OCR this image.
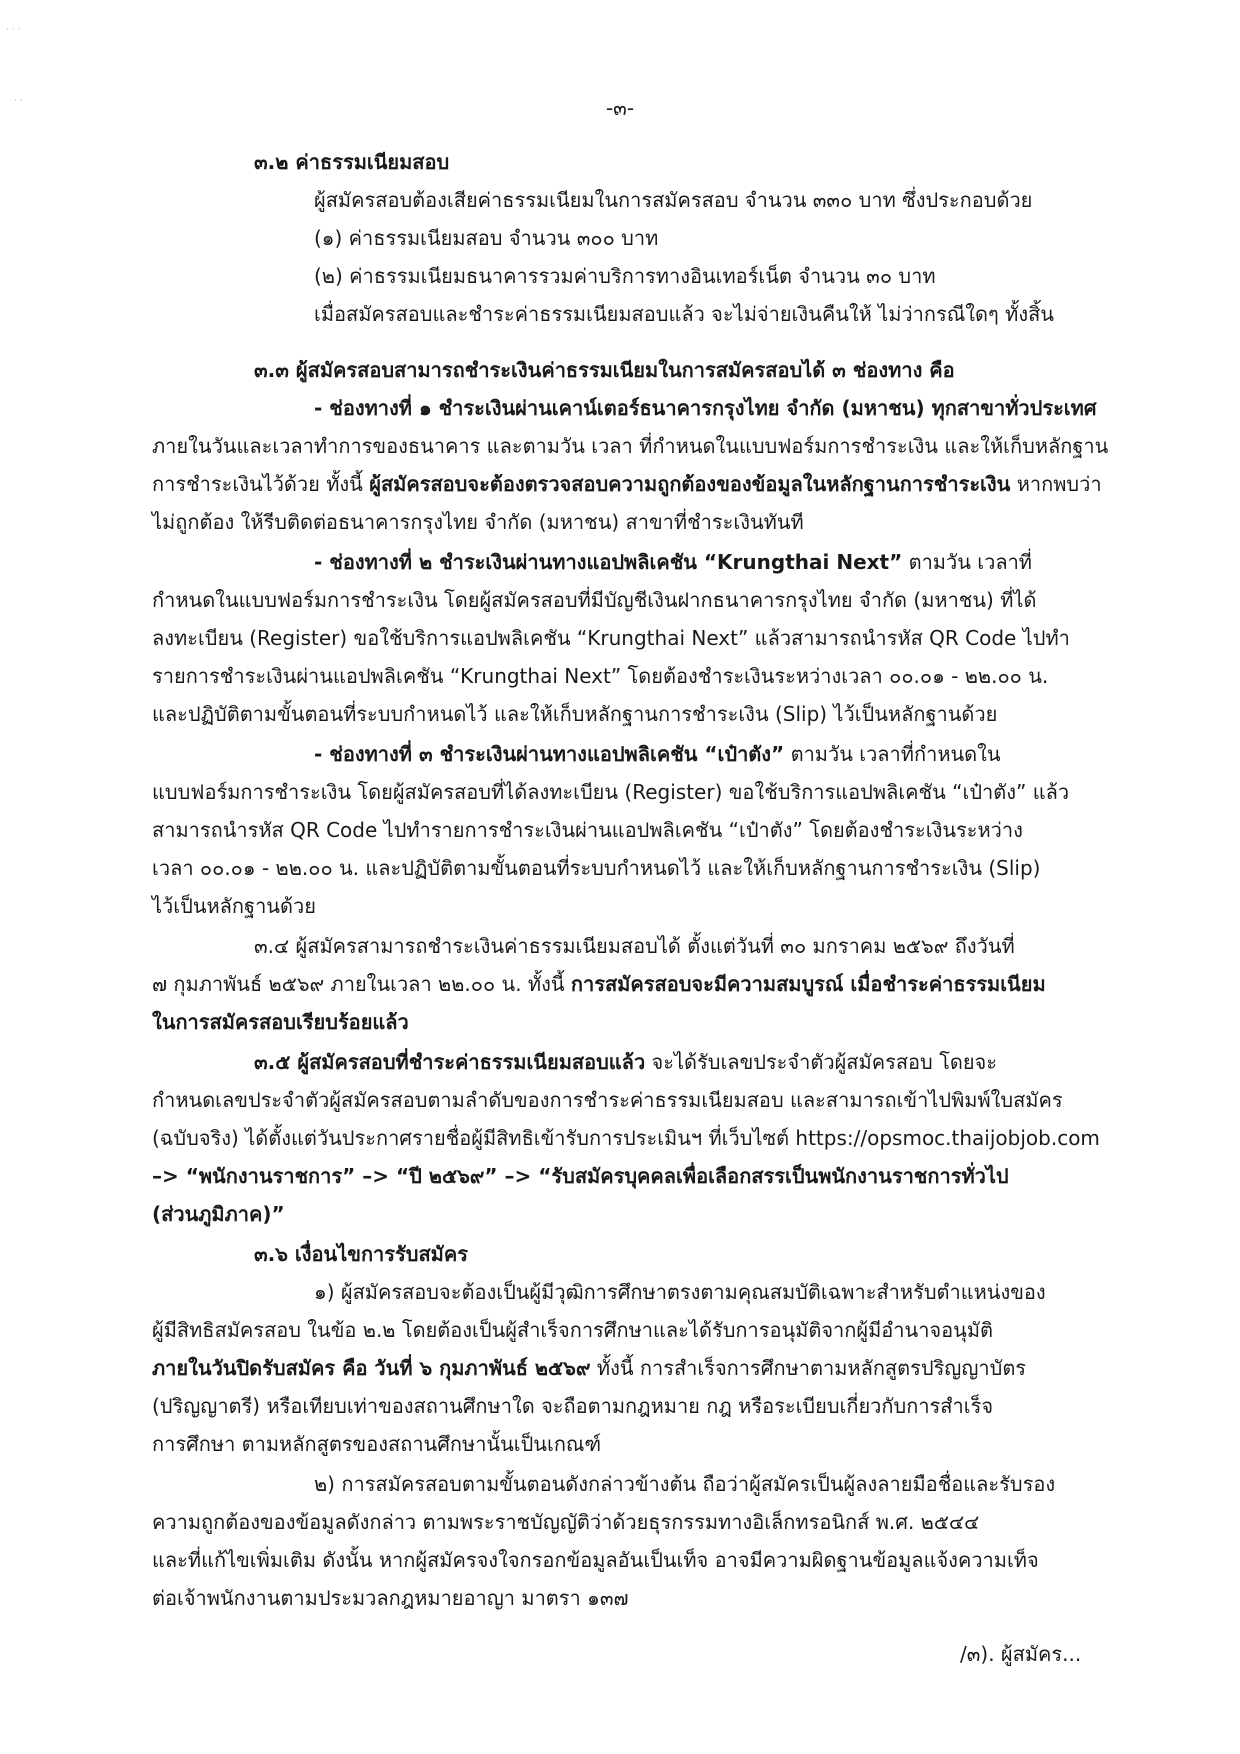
· · ·
· ·	-๓-
๓.๒ ค่าธรรมเนียมสอบ
ผู้สมัครสอบต้องเสียค่าธรรมเนียมในการสมัครสอบ จำนวน ๓๓๐ บาท ซึ่งประกอบด้วย
(๑) ค่าธรรมเนียมสอบ จำนวน ๓๐๐ บาท
(๒) ค่าธรรมเนียมธนาคารรวมค่าบริการทางอินเทอร์เน็ต จำนวน ๓๐ บาท
เมื่อสมัครสอบและชำระค่าธรรมเนียมสอบแล้ว จะไม่จ่ายเงินคืนให้ ไม่ว่ากรณีใดๆ ทั้งสิ้น
๓.๓ ผู้สมัครสอบสามารถชำระเงินค่าธรรมเนียมในการสมัครสอบได้ ๓ ช่องทาง คือ
- ช่องทางที่ ๑ ชำระเงินผ่านเคาน์เตอร์ธนาคารกรุงไทย จำกัด (มหาชน) ทุกสาขาทั่วประเทศ
ภายในวันและเวลาทำการของธนาคาร และตามวัน เวลา ที่กำหนดในแบบฟอร์มการชำระเงิน และให้เก็บหลักฐาน
การชำระเงินไว้ด้วย ทั้งนี้ ผู้สมัครสอบจะต้องตรวจสอบความถูกต้องของข้อมูลในหลักฐานการชำระเงิน หากพบว่า
ไม่ถูกต้อง ให้รีบติดต่อธนาคารกรุงไทย จำกัด (มหาชน) สาขาที่ชำระเงินทันที
- ช่องทางที่ ๒ ชำระเงินผ่านทางแอปพลิเคชัน “Krungthai Next” ตามวัน เวลาที่
กำหนดในแบบฟอร์มการชำระเงิน โดยผู้สมัครสอบที่มีบัญชีเงินฝากธนาคารกรุงไทย จำกัด (มหาชน) ที่ได้
ลงทะเบียน (Register) ขอใช้บริการแอปพลิเคชัน “Krungthai Next” แล้วสามารถนำรหัส QR Code ไปทำ
รายการชำระเงินผ่านแอปพลิเคชัน “Krungthai Next” โดยต้องชำระเงินระหว่างเวลา ๐๐.๐๑ - ๒๒.๐๐ น.
และปฏิบัติตามขั้นตอนที่ระบบกำหนดไว้ และให้เก็บหลักฐานการชำระเงิน (Slip) ไว้เป็นหลักฐานด้วย
- ช่องทางที่ ๓ ชำระเงินผ่านทางแอปพลิเคชัน “เป๋าตัง” ตามวัน เวลาที่กำหนดใน
แบบฟอร์มการชำระเงิน โดยผู้สมัครสอบที่ได้ลงทะเบียน (Register) ขอใช้บริการแอปพลิเคชัน “เป๋าตัง” แล้ว
สามารถนำรหัส QR Code ไปทำรายการชำระเงินผ่านแอปพลิเคชัน “เป๋าตัง” โดยต้องชำระเงินระหว่าง
เวลา ๐๐.๐๑ - ๒๒.๐๐ น. และปฏิบัติตามขั้นตอนที่ระบบกำหนดไว้ และให้เก็บหลักฐานการชำระเงิน (Slip)
ไว้เป็นหลักฐานด้วย
๓.๔ ผู้สมัครสามารถชำระเงินค่าธรรมเนียมสอบได้ ตั้งแต่วันที่ ๓๐ มกราคม ๒๕๖๙ ถึงวันที่
๗ กุมภาพันธ์ ๒๕๖๙ ภายในเวลา ๒๒.๐๐ น. ทั้งนี้ การสมัครสอบจะมีความสมบูรณ์ เมื่อชำระค่าธรรมเนียม
ในการสมัครสอบเรียบร้อยแล้ว
๓.๕ ผู้สมัครสอบที่ชำระค่าธรรมเนียมสอบแล้ว จะได้รับเลขประจำตัวผู้สมัครสอบ โดยจะ
กำหนดเลขประจำตัวผู้สมัครสอบตามลำดับของการชำระค่าธรรมเนียมสอบ และสามารถเข้าไปพิมพ์ใบสมัคร
(ฉบับจริง) ได้ตั้งแต่วันประกาศรายชื่อผู้มีสิทธิเข้ารับการประเมินฯ ที่เว็บไซต์ https://opsmoc.thaijobjob.com
–> “พนักงานราชการ” –> “ปี ๒๕๖๙” –> “รับสมัครบุคคลเพื่อเลือกสรรเป็นพนักงานราชการทั่วไป
(ส่วนภูมิภาค)”
๓.๖ เงื่อนไขการรับสมัคร
๑) ผู้สมัครสอบจะต้องเป็นผู้มีวุฒิการศึกษาตรงตามคุณสมบัติเฉพาะสำหรับตำแหน่งของ
ผู้มีสิทธิสมัครสอบ ในข้อ ๒.๒ โดยต้องเป็นผู้สำเร็จการศึกษาและได้รับการอนุมัติจากผู้มีอำนาจอนุมัติ
ภายในวันปิดรับสมัคร คือ วันที่ ๖ กุมภาพันธ์ ๒๕๖๙ ทั้งนี้ การสำเร็จการศึกษาตามหลักสูตรปริญญาบัตร
(ปริญญาตรี) หรือเทียบเท่าของสถานศึกษาใด จะถือตามกฎหมาย กฎ หรือระเบียบเกี่ยวกับการสำเร็จ
การศึกษา ตามหลักสูตรของสถานศึกษานั้นเป็นเกณฑ์
๒) การสมัครสอบตามขั้นตอนดังกล่าวข้างต้น ถือว่าผู้สมัครเป็นผู้ลงลายมือชื่อและรับรอง
ความถูกต้องของข้อมูลดังกล่าว ตามพระราชบัญญัติว่าด้วยธุรกรรมทางอิเล็กทรอนิกส์ พ.ศ. ๒๕๔๔
และที่แก้ไขเพิ่มเติม ดังนั้น หากผู้สมัครจงใจกรอกข้อมูลอันเป็นเท็จ อาจมีความผิดฐานข้อมูลแจ้งความเท็จ
ต่อเจ้าพนักงานตามประมวลกฎหมายอาญา มาตรา ๑๓๗
/๓). ผู้สมัคร...
